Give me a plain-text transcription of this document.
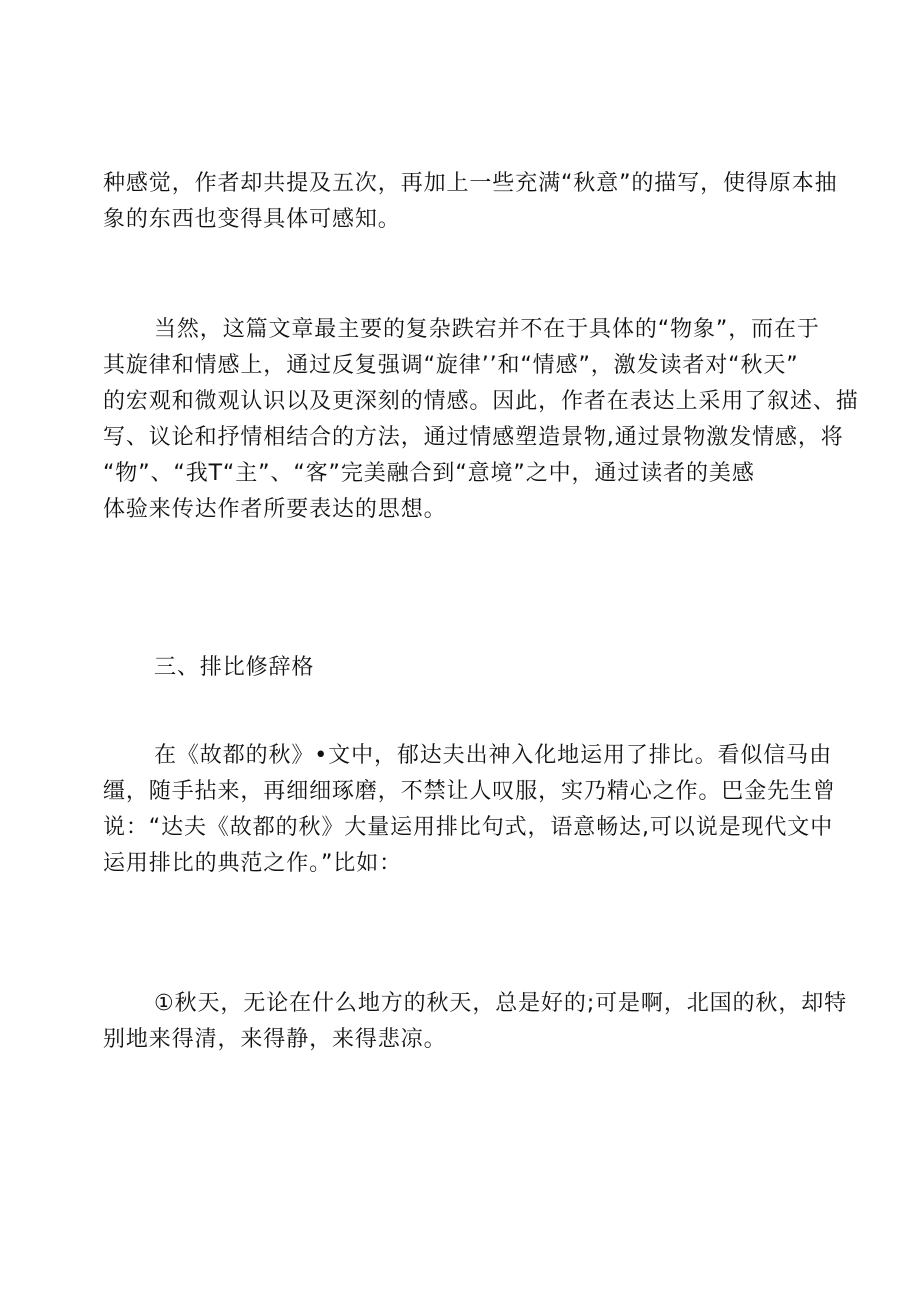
种感觉，作者却共提及五次，再加上一些充满“秋意”的描写，使得原本抽
象的东西也变得具体可感知。
当然，这篇文章最主要的复杂跌宕并不在于具体的“物象”，而在于
其旋律和情感上，通过反复强调“旋律’’和“情感”，激发读者对“秋天”
的宏观和微观认识以及更深刻的情感。因此，作者在表达上采用了叙述、描
写、议论和抒情相结合的方法，通过情感塑造景物,通过景物激发情感，将
“物”、“我T“主”、“客”完美融合到“意境”之中，通过读者的美感
体验来传达作者所要表达的思想。
三、排比修辞格
在《故都的秋》•文中，郁达夫出神入化地运用了排比。看似信马由
缰，随手拈来，再细细琢磨，不禁让人叹服，实乃精心之作。巴金先生曾
说：“达夫《故都的秋》大量运用排比句式，语意畅达,可以说是现代文中
运用排比的典范之作。”比如：
①秋天，无论在什么地方的秋天，总是好的;可是啊，北国的秋，却特
别地来得清，来得静，来得悲凉。
